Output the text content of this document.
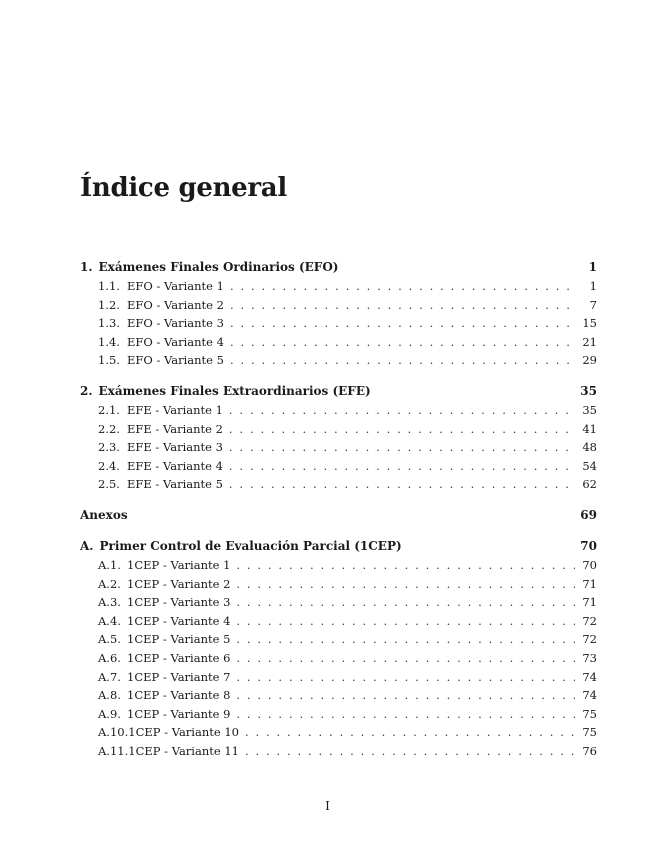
Índice general
1. Exámenes Finales Ordinarios (EFO)	1
1.1. EFO - Variante 1 . . .	1
1.2. EFO - Variante 2 . . .	7
1.3. EFO - Variante 3 . . .	15
1.4. EFO - Variante 4 . . .	21
1.5. EFO - Variante 5 . . .	29
2. Exámenes Finales Extraordinarios (EFE)	35
2.1. EFE - Variante 1 . . .	35
2.2. EFE - Variante 2 . . .	41
2.3. EFE - Variante 3 . . .	48
2.4. EFE - Variante 4 . . .	54
2.5. EFE - Variante 5 . . .	62
Anexos	69
A. Primer Control de Evaluación Parcial (1CEP)	70
A.1. 1CEP - Variante 1 . . .	70
A.2. 1CEP - Variante 2 . . .	71
A.3. 1CEP - Variante 3 . . .	71
A.4. 1CEP - Variante 4 . . .	72
A.5. 1CEP - Variante 5 . . .	72
A.6. 1CEP - Variante 6 . . .	73
A.7. 1CEP - Variante 7 . . .	74
A.8. 1CEP - Variante 8 . . .	74
A.9. 1CEP - Variante 9 . . .	75
A.10. 1CEP - Variante 10 . . .	75
A.11. 1CEP - Variante 11 . . .	76
I
